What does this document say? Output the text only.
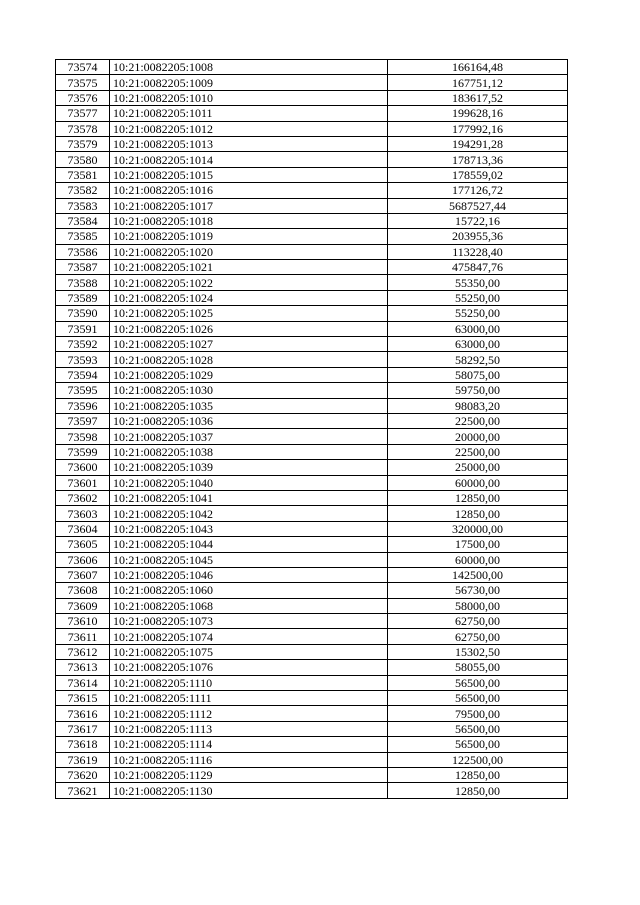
73574	10:21:0082205:1008	166164,48
73575	10:21:0082205:1009	167751,12
73576	10:21:0082205:1010	183617,52
73577	10:21:0082205:1011	199628,16
73578	10:21:0082205:1012	177992,16
73579	10:21:0082205:1013	194291,28
73580	10:21:0082205:1014	178713,36
73581	10:21:0082205:1015	178559,02
73582	10:21:0082205:1016	177126,72
73583	10:21:0082205:1017	5687527,44
73584	10:21:0082205:1018	15722,16
73585	10:21:0082205:1019	203955,36
73586	10:21:0082205:1020	113228,40
73587	10:21:0082205:1021	475847,76
73588	10:21:0082205:1022	55350,00
73589	10:21:0082205:1024	55250,00
73590	10:21:0082205:1025	55250,00
73591	10:21:0082205:1026	63000,00
73592	10:21:0082205:1027	63000,00
73593	10:21:0082205:1028	58292,50
73594	10:21:0082205:1029	58075,00
73595	10:21:0082205:1030	59750,00
73596	10:21:0082205:1035	98083,20
73597	10:21:0082205:1036	22500,00
73598	10:21:0082205:1037	20000,00
73599	10:21:0082205:1038	22500,00
73600	10:21:0082205:1039	25000,00
73601	10:21:0082205:1040	60000,00
73602	10:21:0082205:1041	12850,00
73603	10:21:0082205:1042	12850,00
73604	10:21:0082205:1043	320000,00
73605	10:21:0082205:1044	17500,00
73606	10:21:0082205:1045	60000,00
73607	10:21:0082205:1046	142500,00
73608	10:21:0082205:1060	56730,00
73609	10:21:0082205:1068	58000,00
73610	10:21:0082205:1073	62750,00
73611	10:21:0082205:1074	62750,00
73612	10:21:0082205:1075	15302,50
73613	10:21:0082205:1076	58055,00
73614	10:21:0082205:1110	56500,00
73615	10:21:0082205:1111	56500,00
73616	10:21:0082205:1112	79500,00
73617	10:21:0082205:1113	56500,00
73618	10:21:0082205:1114	56500,00
73619	10:21:0082205:1116	122500,00
73620	10:21:0082205:1129	12850,00
73621	10:21:0082205:1130	12850,00
